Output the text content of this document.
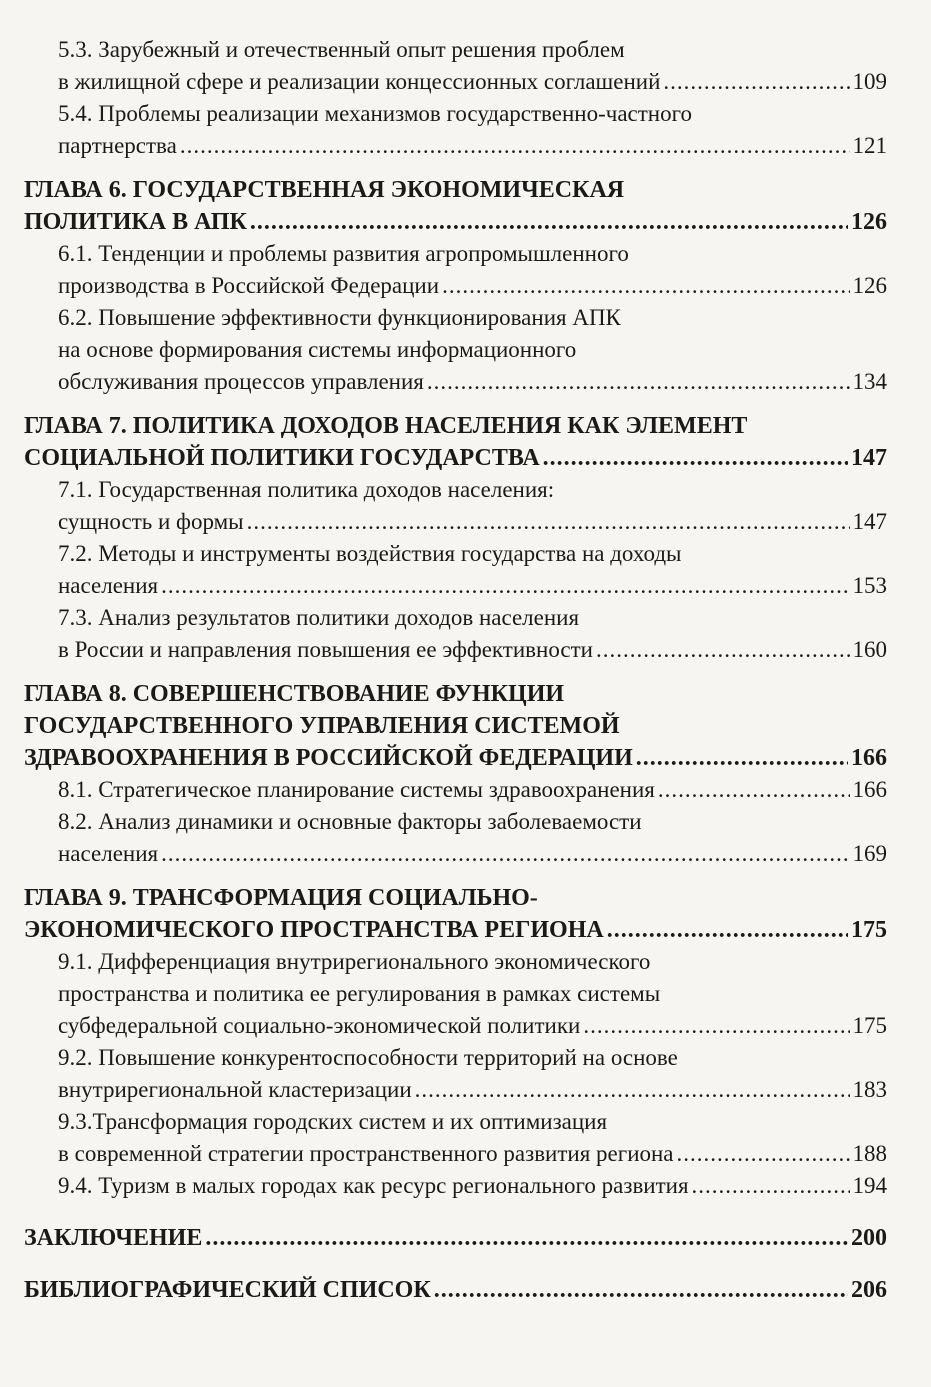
5.3. Зарубежный и отечественный опыт решения проблем
в жилищной сфере и реализации концессионных соглашений .....	109
5.4. Проблемы реализации механизмов государственно-частного
партнерства .....	121
ГЛАВА 6. ГОСУДАРСТВЕННАЯ ЭКОНОМИЧЕСКАЯ
ПОЛИТИКА В АПК .....	126
6.1. Тенденции и проблемы развития агропромышленного
производства в Российской Федерации .....	126
6.2. Повышение эффективности функционирования АПК
на основе формирования системы информационного
обслуживания процессов управления .....	134
ГЛАВА 7. ПОЛИТИКА ДОХОДОВ НАСЕЛЕНИЯ КАК ЭЛЕМЕНТ
СОЦИАЛЬНОЙ ПОЛИТИКИ ГОСУДАРСТВА .....	147
7.1. Государственная политика доходов населения:
сущность и формы .....	147
7.2. Методы и инструменты воздействия государства на доходы
населения .....	153
7.3. Анализ результатов политики доходов населения
в России и направления повышения ее эффективности .....	160
ГЛАВА 8. СОВЕРШЕНСТВОВАНИЕ ФУНКЦИИ
ГОСУДАРСТВЕННОГО УПРАВЛЕНИЯ СИСТЕМОЙ
ЗДРАВООХРАНЕНИЯ В РОССИЙСКОЙ ФЕДЕРАЦИИ .....	166
8.1. Стратегическое планирование системы здравоохранения .....	166
8.2. Анализ динамики и основные факторы заболеваемости
населения .....	169
ГЛАВА 9. ТРАНСФОРМАЦИЯ СОЦИАЛЬНО-
ЭКОНОМИЧЕСКОГО ПРОСТРАНСТВА РЕГИОНА .....	175
9.1. Дифференциация внутрирегионального экономического
пространства и политика ее регулирования в рамках системы
субфедеральной социально-экономической политики .....	175
9.2. Повышение конкурентоспособности территорий на основе
внутрирегиональной кластеризации .....	183
9.3.Трансформация городских систем и их оптимизация
в современной стратегии пространственного развития региона .....	188
9.4. Туризм в малых городах как ресурс регионального развития .....	194
ЗАКЛЮЧЕНИЕ .....	200
БИБЛИОГРАФИЧЕСКИЙ СПИСОК .....	206
